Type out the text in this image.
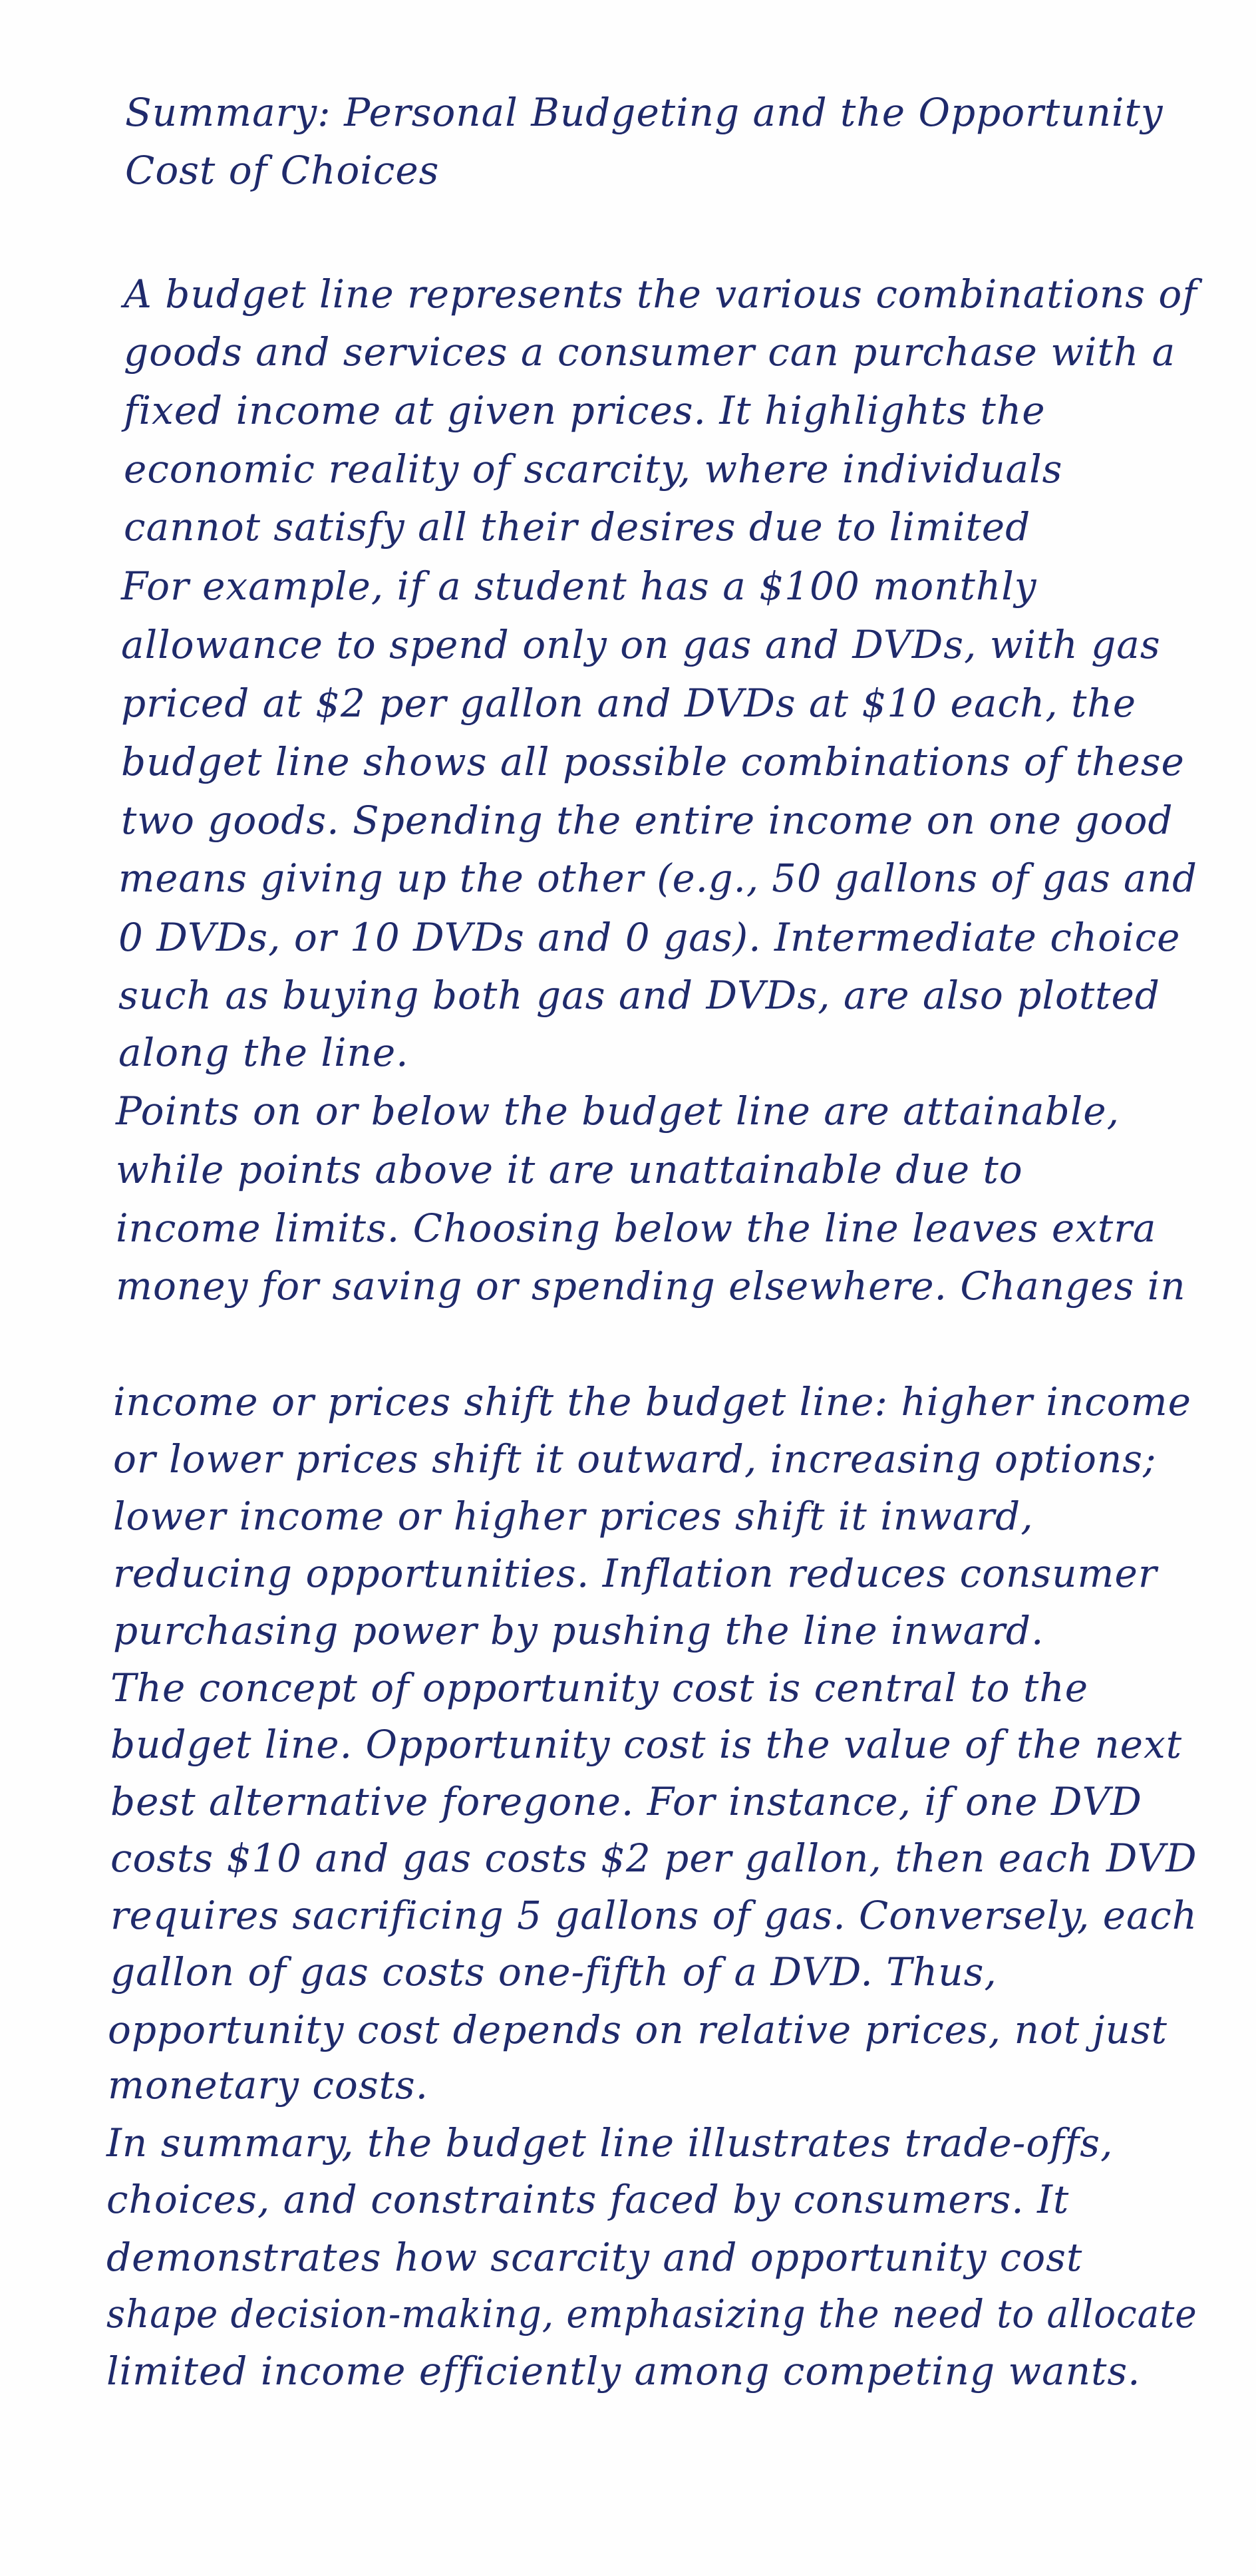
Summary: Personal Budgeting and the Opportunity

Cost of Choices

A budget line represents the various combinations of

goods and services a consumer can purchase with a

fixed income at given prices. It highlights the

economic reality of scarcity, where individuals

cannot satisfy all their desires due to limited

For example, if a student has a $100 monthly

allowance to spend only on gas and DVDs, with gas

priced at $2 per gallon and DVDs at $10 each, the

budget line shows all possible combinations of these

two goods. Spending the entire income on one good

means giving up the other (e.g., 50 gallons of gas and

0 DVDs, or 10 DVDs and 0 gas). Intermediate choice

such as buying both gas and DVDs, are also plotted

along the line.

Points on or below the budget line are attainable,

while points above it are unattainable due to

income limits. Choosing below the line leaves extra

money for saving or spending elsewhere. Changes in

income or prices shift the budget line: higher income

or lower prices shift it outward, increasing options;

lower income or higher prices shift it inward,

reducing opportunities. Inflation reduces consumer

purchasing power by pushing the line inward.

The concept of opportunity cost is central to the

budget line. Opportunity cost is the value of the next

best alternative foregone. For instance, if one DVD

costs $10 and gas costs $2 per gallon, then each DVD

requires sacrificing 5 gallons of gas. Conversely, each

gallon of gas costs one-fifth of a DVD. Thus,

opportunity cost depends on relative prices, not just

monetary costs.

In summary, the budget line illustrates trade-offs,

choices, and constraints faced by consumers. It

demonstrates how scarcity and opportunity cost

shape decision-making, emphasizing the need to allocate

limited income efficiently among competing wants.
